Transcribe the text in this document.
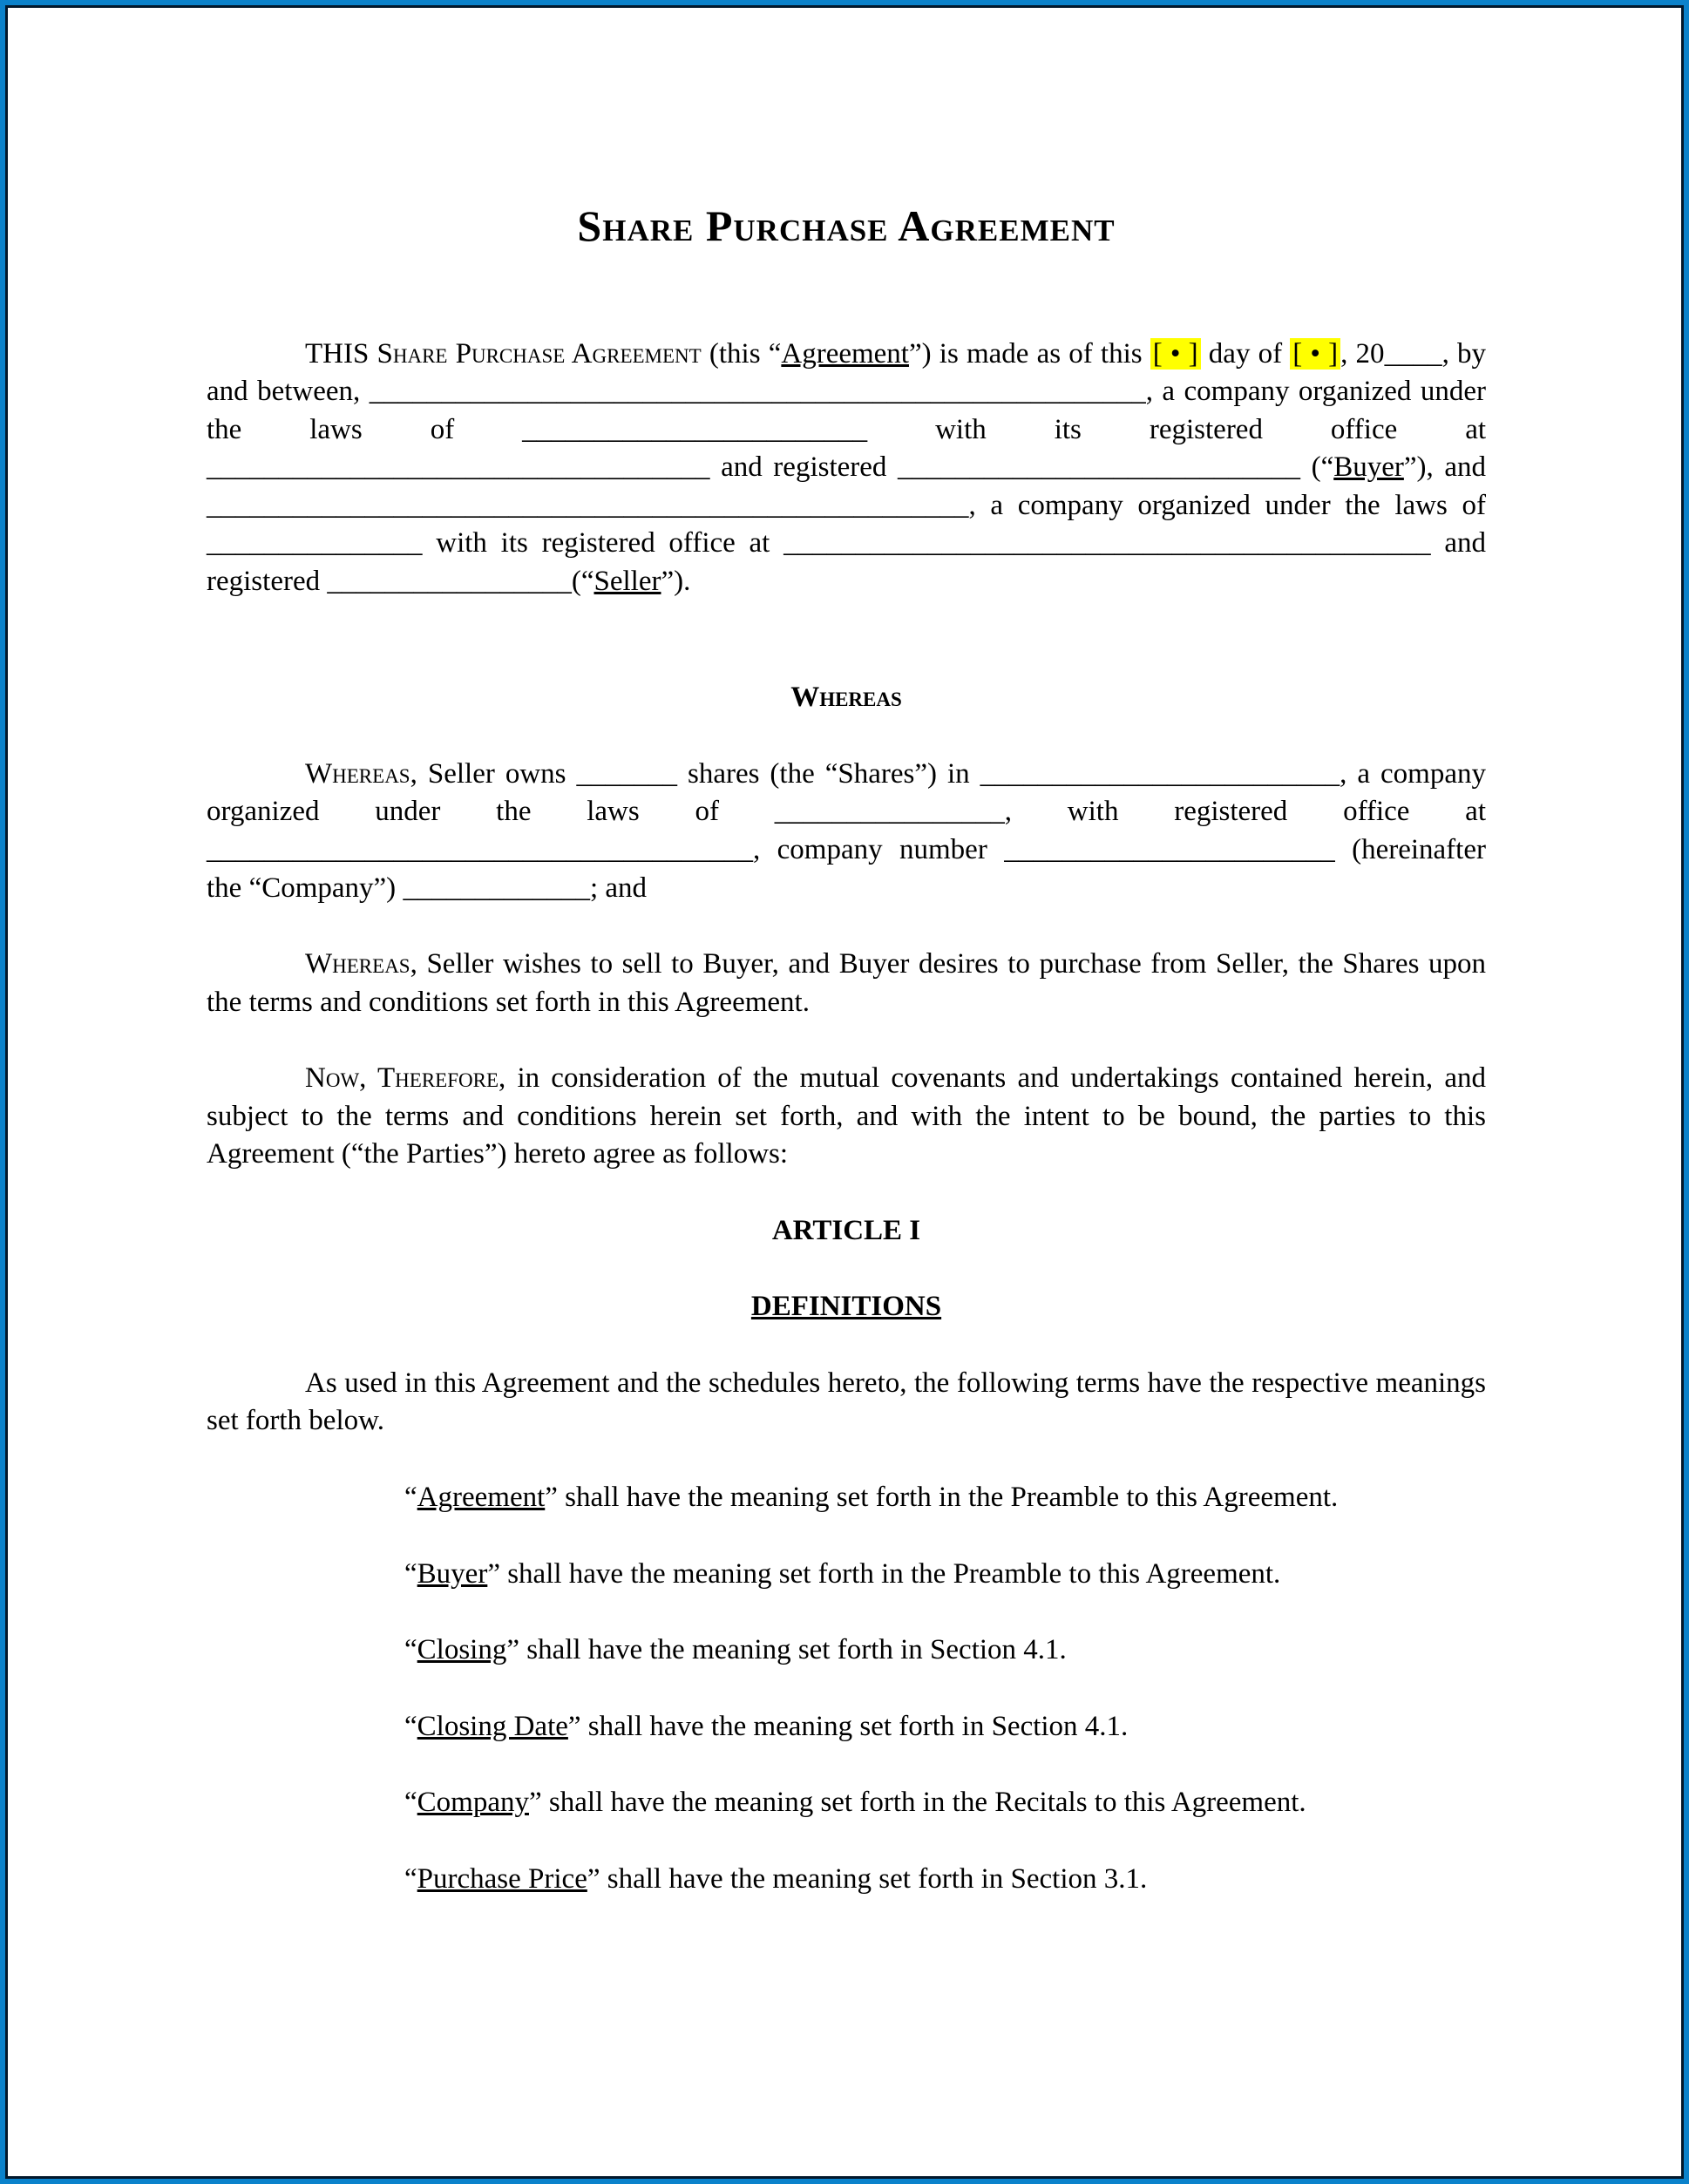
Share Purchase Agreement

THIS Share Purchase Agreement (this “Agreement”) is made as of this [ • ] day of [ • ], 20____, by and between, ______________________________________________________, a company organized under the laws of ________________________ with its registered office at ___________________________________ and registered ____________________________ (“Buyer”), and _____________________________________________________, a company organized under the laws of _______________ with its registered office at _____________________________________________ and registered _________________(“Seller”).

Whereas

Whereas, Seller owns _______ shares (the “Shares”) in _________________________, a company organized under the laws of ________________, with registered office at ______________________________________, company number _______________________ (hereinafter the “Company”) _____________; and

Whereas, Seller wishes to sell to Buyer, and Buyer desires to purchase from Seller, the Shares upon the terms and conditions set forth in this Agreement.

Now, Therefore, in consideration of the mutual covenants and undertakings contained herein, and subject to the terms and conditions herein set forth, and with the intent to be bound, the parties to this Agreement (“the Parties”) hereto agree as follows:

ARTICLE I

DEFINITIONS

As used in this Agreement and the schedules hereto, the following terms have the respective meanings set forth below.

“Agreement” shall have the meaning set forth in the Preamble to this Agreement.

“Buyer” shall have the meaning set forth in the Preamble to this Agreement.

“Closing” shall have the meaning set forth in Section 4.1.

“Closing Date” shall have the meaning set forth in Section 4.1.

“Company” shall have the meaning set forth in the Recitals to this Agreement.

“Purchase Price” shall have the meaning set forth in Section 3.1.
